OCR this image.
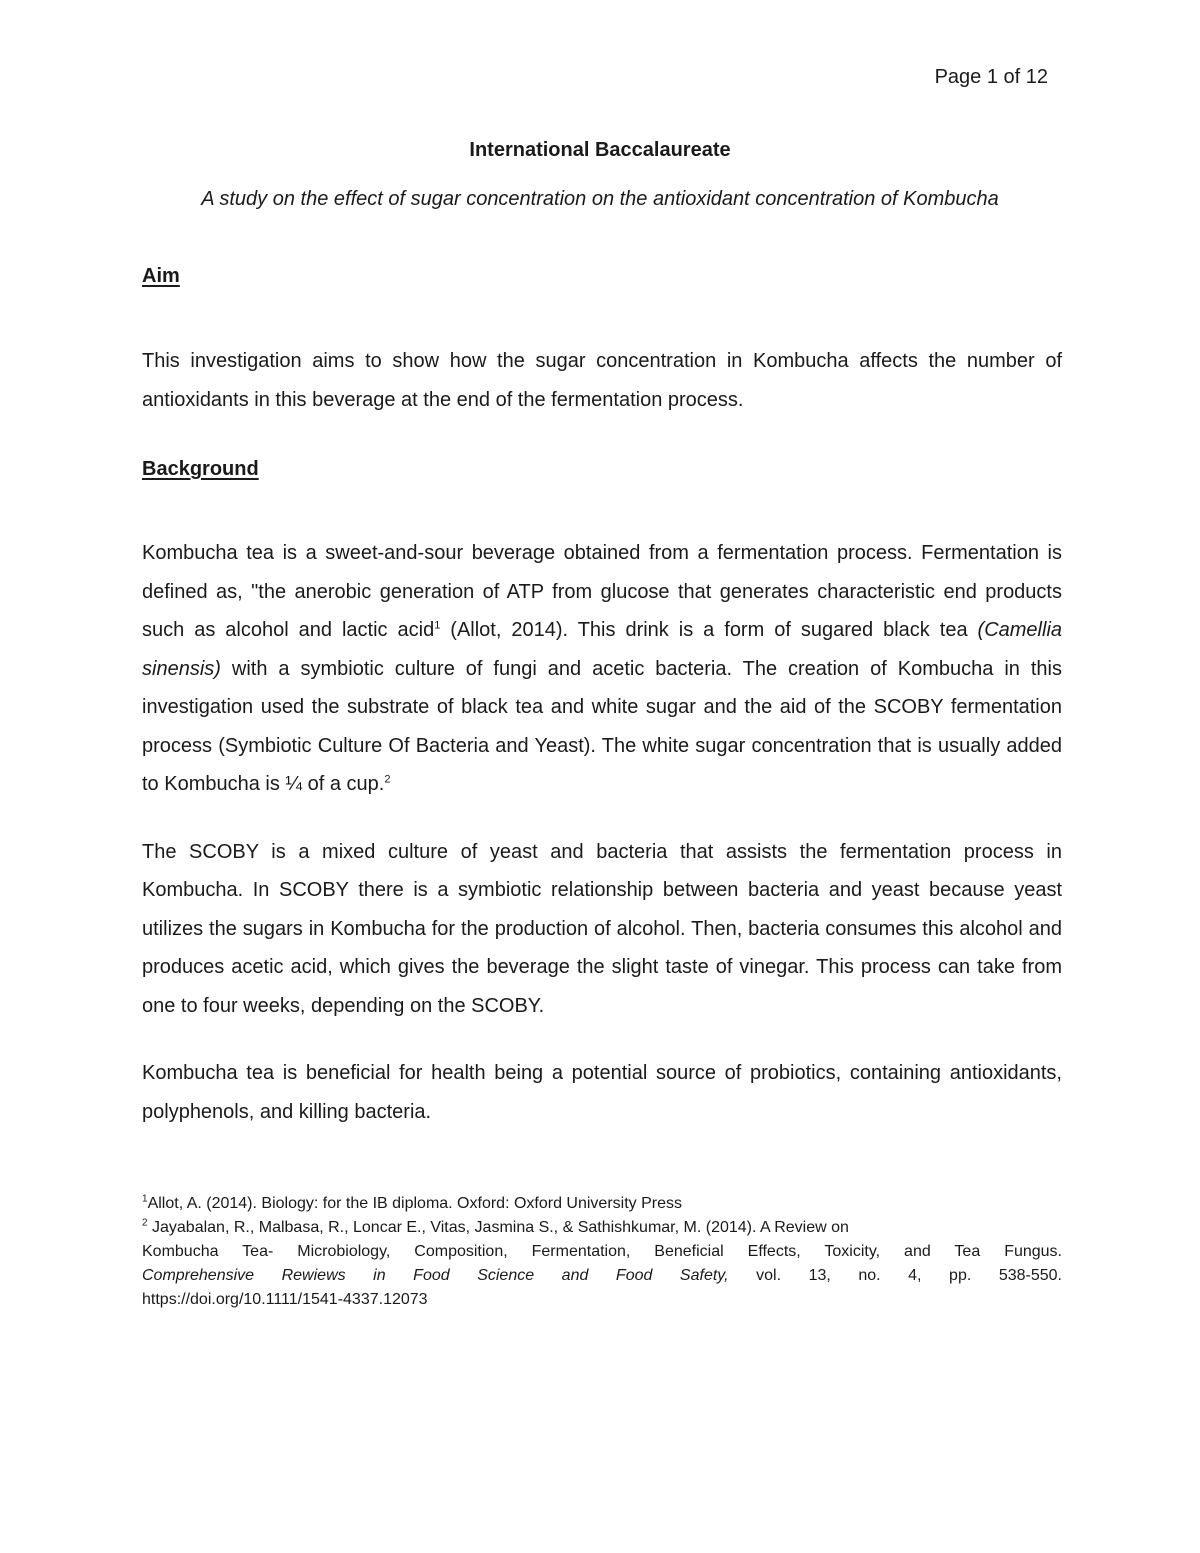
Page 1 of 12

International Baccalaureate

A study on the effect of sugar concentration on the antioxidant concentration of Kombucha

Aim

This investigation aims to show how the sugar concentration in Kombucha affects the number of antioxidants in this beverage at the end of the fermentation process.

Background

Kombucha tea is a sweet-and-sour beverage obtained from a fermentation process. Fermentation is defined as, "the anerobic generation of ATP from glucose that generates characteristic end products such as alcohol and lactic acid$^1$ (Allot, 2014). This drink is a form of sugared black tea (Camellia sinensis) with a symbiotic culture of fungi and acetic bacteria. The creation of Kombucha in this investigation used the substrate of black tea and white sugar and the aid of the SCOBY fermentation process (Symbiotic Culture Of Bacteria and Yeast). The white sugar concentration that is usually added to Kombucha is ¼ of a cup.$^2$

The SCOBY is a mixed culture of yeast and bacteria that assists the fermentation process in Kombucha. In SCOBY there is a symbiotic relationship between bacteria and yeast because yeast utilizes the sugars in Kombucha for the production of alcohol. Then, bacteria consumes this alcohol and produces acetic acid, which gives the beverage the slight taste of vinegar. This process can take from one to four weeks, depending on the SCOBY.

Kombucha tea is beneficial for health being a potential source of probiotics, containing antioxidants, polyphenols, and killing bacteria.

$^1$Allot, A. (2014). Biology: for the IB diploma. Oxford: Oxford University Press

$^2$ Jayabalan, R., Malbasa, R., Loncar E., Vitas, Jasmina S., & Sathishkumar, M. (2014). A Review on

Kombucha Tea- Microbiology, Composition, Fermentation, Beneficial Effects, Toxicity, and Tea Fungus.

Comprehensive Rewiews in Food Science and Food Safety, vol. 13, no. 4, pp. 538-550.

https://doi.org/10.1111/1541-4337.12073
